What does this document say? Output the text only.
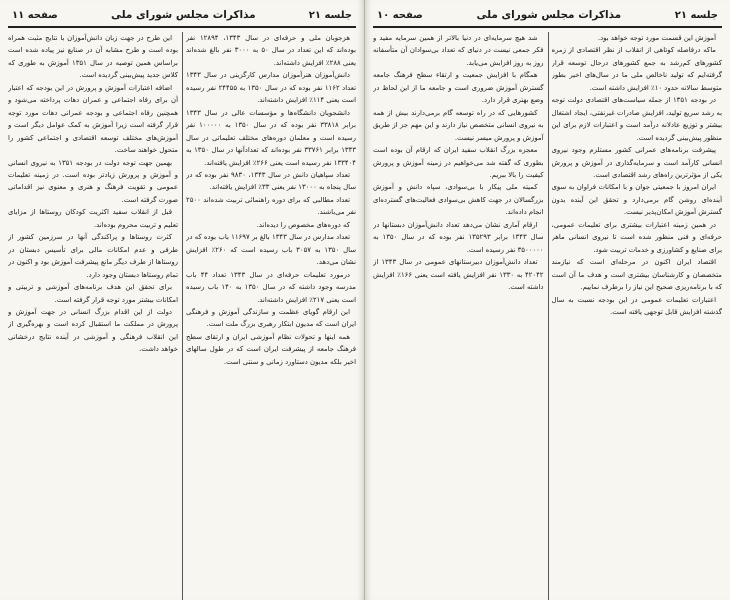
جلسه ۲۱
مذاکرات مجلس شورای ملی
صفحه ۱۱

هزجوبان ملی و حرفه‌ای در سال ۱۳۴۳، ۱۲۸۹۴ نفر بوده‌اند که این تعداد در سال ۵۰ به ۳۰۰۰ نفر بالغ شده‌اند یعنی ۲۸۸٪ افزایش داشته‌اند.

دانش‌آموزان هنرآموزان مدارس کارگزینی در سال ۱۳۴۳ تعداد ۱۱۶۲ نفر بوده که در سال ۱۳۵۰ به ۲۴۴۵۵ نفر رسیده است یعنی ۱۱۴٪ افزایش داشته‌اند.

دانشجویان دانشگاه‌ها و مؤسسات عالی در سال ۱۳۴۳ برابر ۳۳۸۱۸ نفر بوده که در سال ۱۳۵۰ به ۱۰۰۰۰۰ نفر رسیده است و معلمان دوره‌های مختلف تعلیماتی در سال ۱۳۴۳ برابر ۳۳۷۶۱ نفر بوده‌اند که تعدادآنها در سال ۱۳۵۰ به ۱۳۳۴۰۴ نفر رسیده است یعنی ۲۶۶٪ افزایش یافته‌اند.

تعداد سپاهیان دانش در سال ۱۳۴۳، ۹۸۳۰ نفر بوده که در سال پنجاه به ۱۳۰۰۰ نفر یعنی ۳۳٪ افزایش یافته‌اند.

تعداد مطالبی که برای دوره راهنمائی تربیت شده‌اند ۲۵۰۰ نفر می‌باشند.

که دوره‌های مخصوص را دیده‌اند.

تعداد مدارس در سال ۱۳۴۳ بالغ بر ۱۱۶۹۷ باب بوده که در سال ۱۳۵۰ به ۳۰۵۷ باب رسیده است که ۲۶۰٪ افزایش نشان می‌دهد.

درمورد تعلیمات حرفه‌ای در سال ۱۳۴۳ تعداد ۴۴ باب مدرسه وجود داشته که در سال ۱۳۵۰ به ۱۴۰ باب رسیده است یعنی ۲۱۷٪ افزایش داشته‌اند.

ابن ارقام گویای عظمت و سازندگی آموزش و فرهنگی ایران است که مدیون ابتکار رهبری بزرگ ملت است.

همه اینها و تحولات نظام آموزشی ایران و ارتقای سطح فرهنگ جامعه از پیشرفت ایران است که در طول سالهای اخیر بلکه مدیون دستاورد زمانی و سنتی است.

این طرح در جهت زبان دانش‌آموزان با نتایج مثبت همراه بوده است و طرح مشابه آن در صنایع نیز پیاده شده است براساس همین توصیه در سال ۱۳۵۱ آموزش به طوری که کلاس جدید پیش‌بینی گردیده است.

اضافه اعتبارات آموزش و پرورش در این بودجه که اعتبار آن برای رفاه اجتماعی و عمران دهات پرداخته می‌شود و همچنین رفاه اجتماعی و بودجه عمرانی دهات مورد توجه قرار گرفته است زیرا آموزش به کمک عوامل دیگر است و آموزش‌های مختلف توسعه اقتصادی و اجتماعی کشور را متحول خواهند ساخت.

بهمین جهت توجه دولت در بودجه ۱۳۵۱ به نیروی انسانی و آموزش و پرورش زیادتر بوده است. در زمینه تعلیمات عمومی و تقویت فرهنگ و هنری و معنوی نیز اقداماتی صورت گرفته است.

قبل از انقلاب سفید اکثریت کودکان روستاها از مزایای تعلیم و تربیت محروم بوده‌اند.

کثرت روستاها و پراکندگی آنها در سرزمین کشور از طرفی و عدم امکانات مالی برای تأسیس دبستان در روستاها از طرف دیگر مانع پیشرفت آموزش بود و اکنون در تمام روستاها دبستان وجود دارد.

برای تحقق این هدف برنامه‌های آموزشی و تربیتی و امکانات بیشتر مورد توجه قرار گرفته است.

دولت از این اقدام بزرگ انسانی در جهت آموزش و پرورش در مملکت ما استقبال کرده است و بهره‌گیری از این انقلاب فرهنگی و آموزشی در آینده نتایج درخشانی خواهد داشت.

جلسه ۲۱
مذاکرات مجلس شورای ملی
صفحه ۱۰

آموزش این قسمت مورد توجه خواهد بود.

ماکه درفاصله کوتاهی از انقلاب از نظر اقتصادی از زمره کشورهای کم‌رشد به جمع کشورهای درحال توسعه قرار گرفته‌ایم که تولید ناخالص ملی ما در سال‌های اخیر بطور متوسط سالانه حدود ۱۰٪ افزایش داشته است.

در بودجه ۱۳۵۱ از جمله سیاست‌های اقتصادی دولت توجه به رشد سریع تولید، افزایش صادرات غیرنفتی، ایجاد اشتغال بیشتر و توزیع عادلانه درآمد است و اعتبارات لازم برای این منظور پیش‌بینی گردیده است.

پیشرفت برنامه‌های عمرانی کشور مستلزم وجود نیروی انسانی کارآمد است و سرمایه‌گذاری در آموزش و پرورش یکی از مؤثرترین راه‌های رشد اقتصادی است.

ایران امروز با جمعیتی جوان و با امکانات فراوان به سوی آینده‌ای روشن گام برمی‌دارد و تحقق این آینده بدون گسترش آموزش امکان‌پذیر نیست.

در همین زمینه اعتبارات بیشتری برای تعلیمات عمومی، حرفه‌ای و فنی منظور شده است تا نیروی انسانی ماهر برای صنایع و کشاورزی و خدمات تربیت شود.

اقتصاد ایران اکنون در مرحله‌ای است که نیازمند متخصصان و کارشناسان بیشتری است و هدف ما آن است که با برنامه‌ریزی صحیح این نیاز را برطرف نماییم.

اعتبارات تعلیمات عمومی در این بودجه نسبت به سال گذشته افزایش قابل توجهی یافته است.

شد هیچ سرمایه‌ای در دنیا بالاتر از همین سرمایه مفید و فکر جمعی نیست در دنیای که تعداد بی‌سوادان آن متأسفانه روز به روز افزایش می‌یابد.

همگام با افزایش جمعیت و ارتقاء سطح فرهنگ جامعه گسترش آموزش ضروری است و جامعه ما از این لحاظ در وضع بهتری قرار دارد.

کشورهایی که در راه توسعه گام برمی‌دارند بیش از همه به نیروی انسانی متخصص نیاز دارند و این مهم جز از طریق آموزش و پرورش میسر نیست.

معجزه بزرگ انقلاب سفید ایران که ارقام آن بوده است بطوری که گفته شد می‌خواهیم در زمینه آموزش و پرورش کیفیت را بالا ببریم.

کمیته ملی پیکار با بی‌سوادی، سپاه دانش و آموزش بزرگسالان در جهت کاهش بی‌سوادی فعالیت‌های گسترده‌ای انجام داده‌اند.

ارقام آماری نشان می‌دهد تعداد دانش‌آموزان دبستانها در سال ۱۳۴۳ برابر ۱۳۵۲۹۳ نفر بوده که در سال ۱۳۵۰ به ۳۵۰۰۰۰۰ نفر رسیده است.

تعداد دانش‌آموزان دبیرستانهای عمومی در سال ۱۳۴۳ از ۴۲۰۴۲ به ۱۳۳۰ نفر افزایش یافته است یعنی ۱۶۶٪ افزایش داشته است.
